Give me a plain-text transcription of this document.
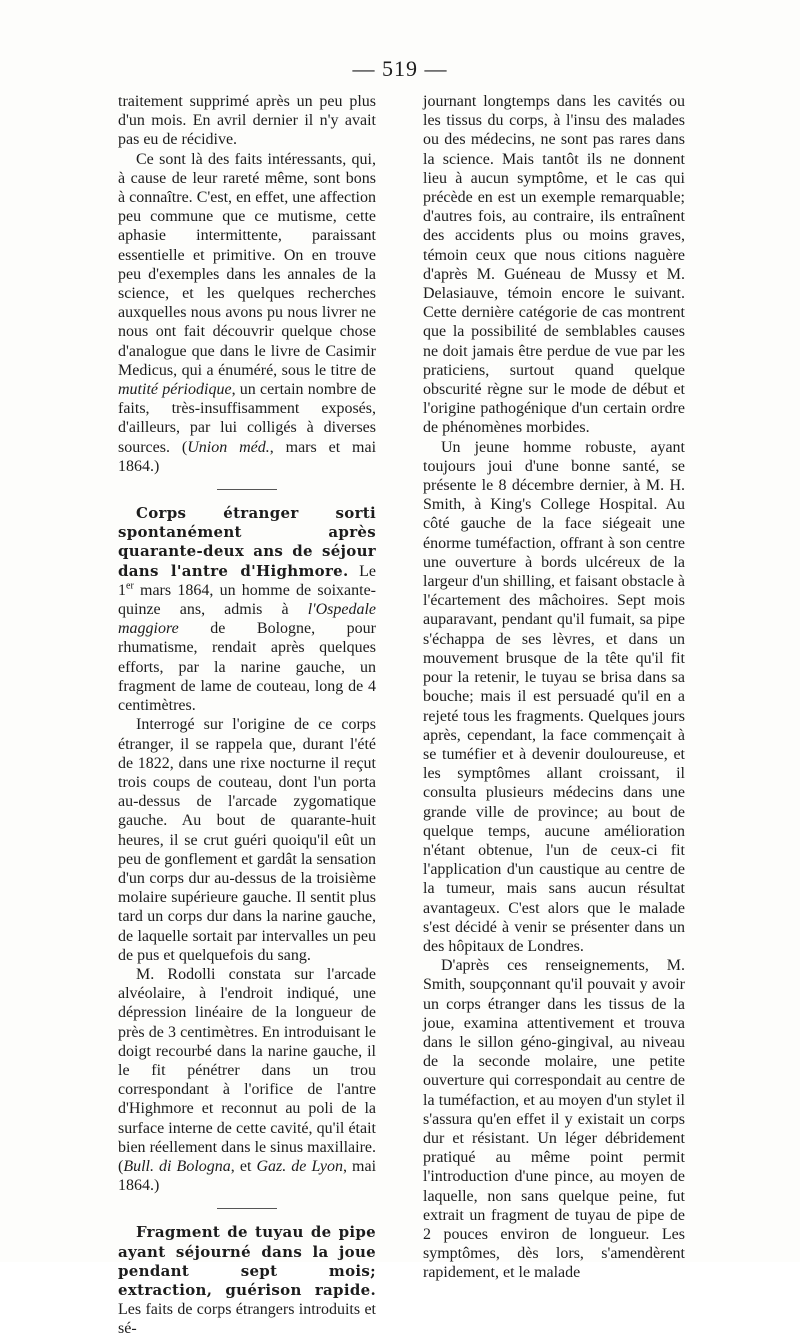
— 519 —

traitement supprimé après un peu plus d'un mois. En avril dernier il n'y avait pas eu de récidive.

Ce sont là des faits intéressants, qui, à cause de leur rareté même, sont bons à connaître. C'est, en effet, une affection peu commune que ce mutisme, cette aphasie intermittente, paraissant essentielle et primitive. On en trouve peu d'exemples dans les annales de la science, et les quelques recherches auxquelles nous avons pu nous livrer ne nous ont fait découvrir quelque chose d'analogue que dans le livre de Casimir Medicus, qui a énuméré, sous le titre de mutité périodique, un certain nombre de faits, très-insuffisamment exposés, d'ailleurs, par lui colligés à diverses sources. (Union méd., mars et mai 1864.)

Corps étranger sorti spontanément après quarante-deux ans de séjour dans l'antre d'Highmore. Le 1er mars 1864, un homme de soixante-quinze ans, admis à l'Ospedale maggiore de Bologne, pour rhumatisme, rendait après quelques efforts, par la narine gauche, un fragment de lame de couteau, long de 4 centimètres.

Interrogé sur l'origine de ce corps étranger, il se rappela que, durant l'été de 1822, dans une rixe nocturne il reçut trois coups de couteau, dont l'un porta au-dessus de l'arcade zygomatique gauche. Au bout de quarante-huit heures, il se crut guéri quoiqu'il eût un peu de gonflement et gardât la sensation d'un corps dur au-dessus de la troisième molaire supérieure gauche. Il sentit plus tard un corps dur dans la narine gauche, de laquelle sortait par intervalles un peu de pus et quelquefois du sang.

M. Rodolli constata sur l'arcade alvéolaire, à l'endroit indiqué, une dépression linéaire de la longueur de près de 3 centimètres. En introduisant le doigt recourbé dans la narine gauche, il le fit pénétrer dans un trou correspondant à l'orifice de l'antre d'Highmore et reconnut au poli de la surface interne de cette cavité, qu'il était bien réellement dans le sinus maxillaire. (Bull. di Bologna, et Gaz. de Lyon, mai 1864.)

Fragment de tuyau de pipe ayant séjourné dans la joue pendant sept mois; extraction, guérison rapide. Les faits de corps étrangers introduits et sé-

journant longtemps dans les cavités ou les tissus du corps, à l'insu des malades ou des médecins, ne sont pas rares dans la science. Mais tantôt ils ne donnent lieu à aucun symptôme, et le cas qui précède en est un exemple remarquable; d'autres fois, au contraire, ils entraînent des accidents plus ou moins graves, témoin ceux que nous citions naguère d'après M. Guéneau de Mussy et M. Delasiauve, témoin encore le suivant. Cette dernière catégorie de cas montrent que la possibilité de semblables causes ne doit jamais être perdue de vue par les praticiens, surtout quand quelque obscurité règne sur le mode de début et l'origine pathogénique d'un certain ordre de phénomènes morbides.

Un jeune homme robuste, ayant toujours joui d'une bonne santé, se présente le 8 décembre dernier, à M. H. Smith, à King's College Hospital. Au côté gauche de la face siégeait une énorme tuméfaction, offrant à son centre une ouverture à bords ulcéreux de la largeur d'un shilling, et faisant obstacle à l'écartement des mâchoires. Sept mois auparavant, pendant qu'il fumait, sa pipe s'échappa de ses lèvres, et dans un mouvement brusque de la tête qu'il fit pour la retenir, le tuyau se brisa dans sa bouche; mais il est persuadé qu'il en a rejeté tous les fragments. Quelques jours après, cependant, la face commençait à se tuméfier et à devenir douloureuse, et les symptômes allant croissant, il consulta plusieurs médecins dans une grande ville de province; au bout de quelque temps, aucune amélioration n'étant obtenue, l'un de ceux-ci fit l'application d'un caustique au centre de la tumeur, mais sans aucun résultat avantageux. C'est alors que le malade s'est décidé à venir se présenter dans un des hôpitaux de Londres.

D'après ces renseignements, M. Smith, soupçonnant qu'il pouvait y avoir un corps étranger dans les tissus de la joue, examina attentivement et trouva dans le sillon géno-gingival, au niveau de la seconde molaire, une petite ouverture qui correspondait au centre de la tuméfaction, et au moyen d'un stylet il s'assura qu'en effet il y existait un corps dur et résistant. Un léger débridement pratiqué au même point permit l'introduction d'une pince, au moyen de laquelle, non sans quelque peine, fut extrait un fragment de tuyau de pipe de 2 pouces environ de longueur. Les symptômes, dès lors, s'amendèrent rapidement, et le malade
